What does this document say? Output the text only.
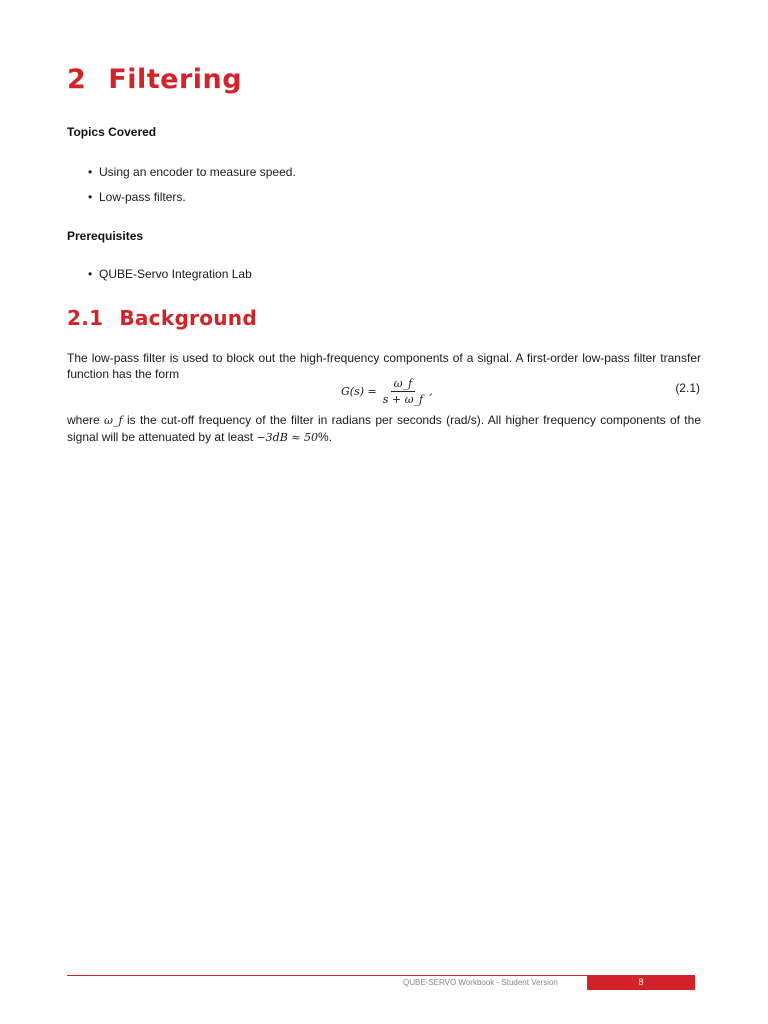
2 Filtering
Topics Covered
• Using an encoder to measure speed.
• Low-pass filters.
Prerequisites
• QUBE-Servo Integration Lab
2.1 Background

The low-pass filter is used to block out the high-frequency components of a signal. A first-order low-pass filter transfer function has the form

$G(s) = \frac{\omega\_f}{s + \omega\_f}$ ,	(2.1)

where ω_f is the cut-off frequency of the filter in radians per seconds (rad/s). All higher frequency components of the signal will be attenuated by at least −3dB ≈ 50%.

QUBE-SERVO Workbook - Student Version	8
